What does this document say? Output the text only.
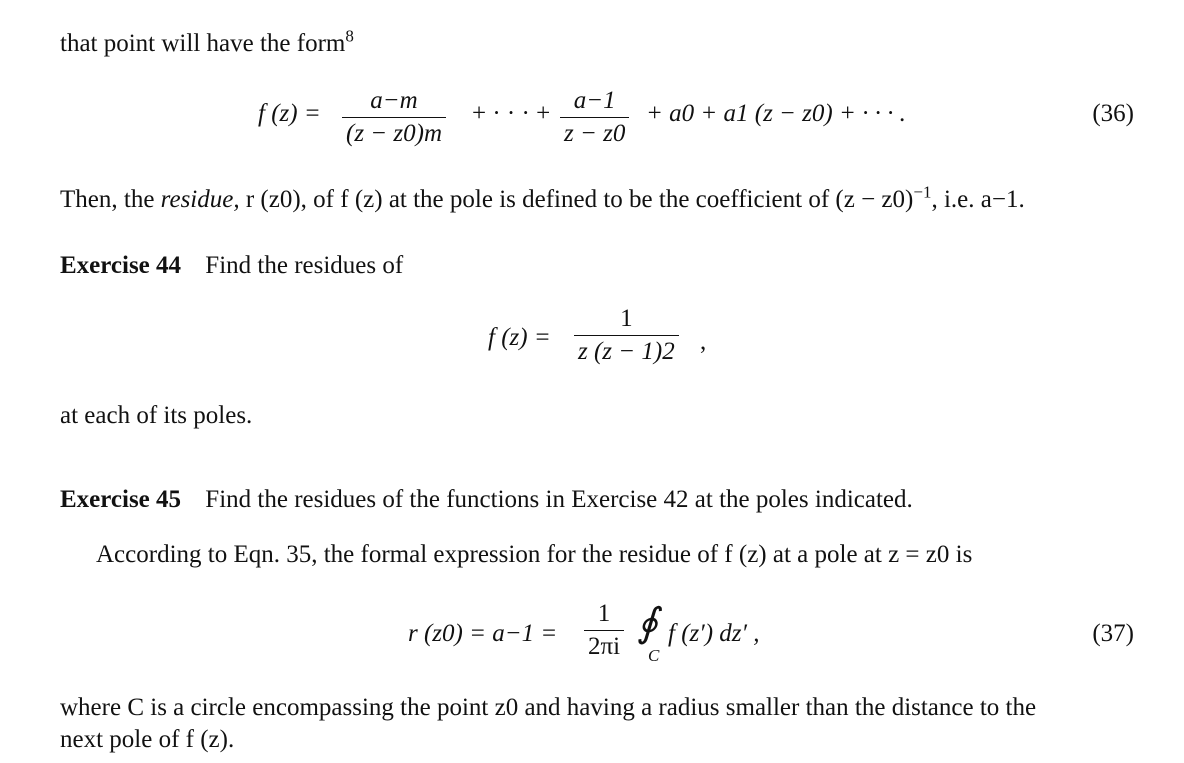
that point will have the form$^8$
f (z) = a−m
(z − z0)m
+ · · · + a−1
z − z0
+ a0 + a1 (z − z0) + · · · .	(36)
Then, the residue, r (z0), of f (z) at the pole is defined to be the coefficient of $(z - z0)^{-1}$, i.e. a−1.
Exercise 44 Find the residues of
f (z) =
1
z (z − 1)2 ,
at each of its poles.
Exercise 45 Find the residues of the functions in Exercise 42 at the poles indicated.
According to Eqn. 35, the formal expression for the residue of f (z) at a pole at z = z0 is
r (z0) = a−1 =
1
2πi
∮
C
f (z′) dz′ ,	(37)
where C is a circle encompassing the point z0 and having a radius smaller than the distance to the
next pole of f (z).
